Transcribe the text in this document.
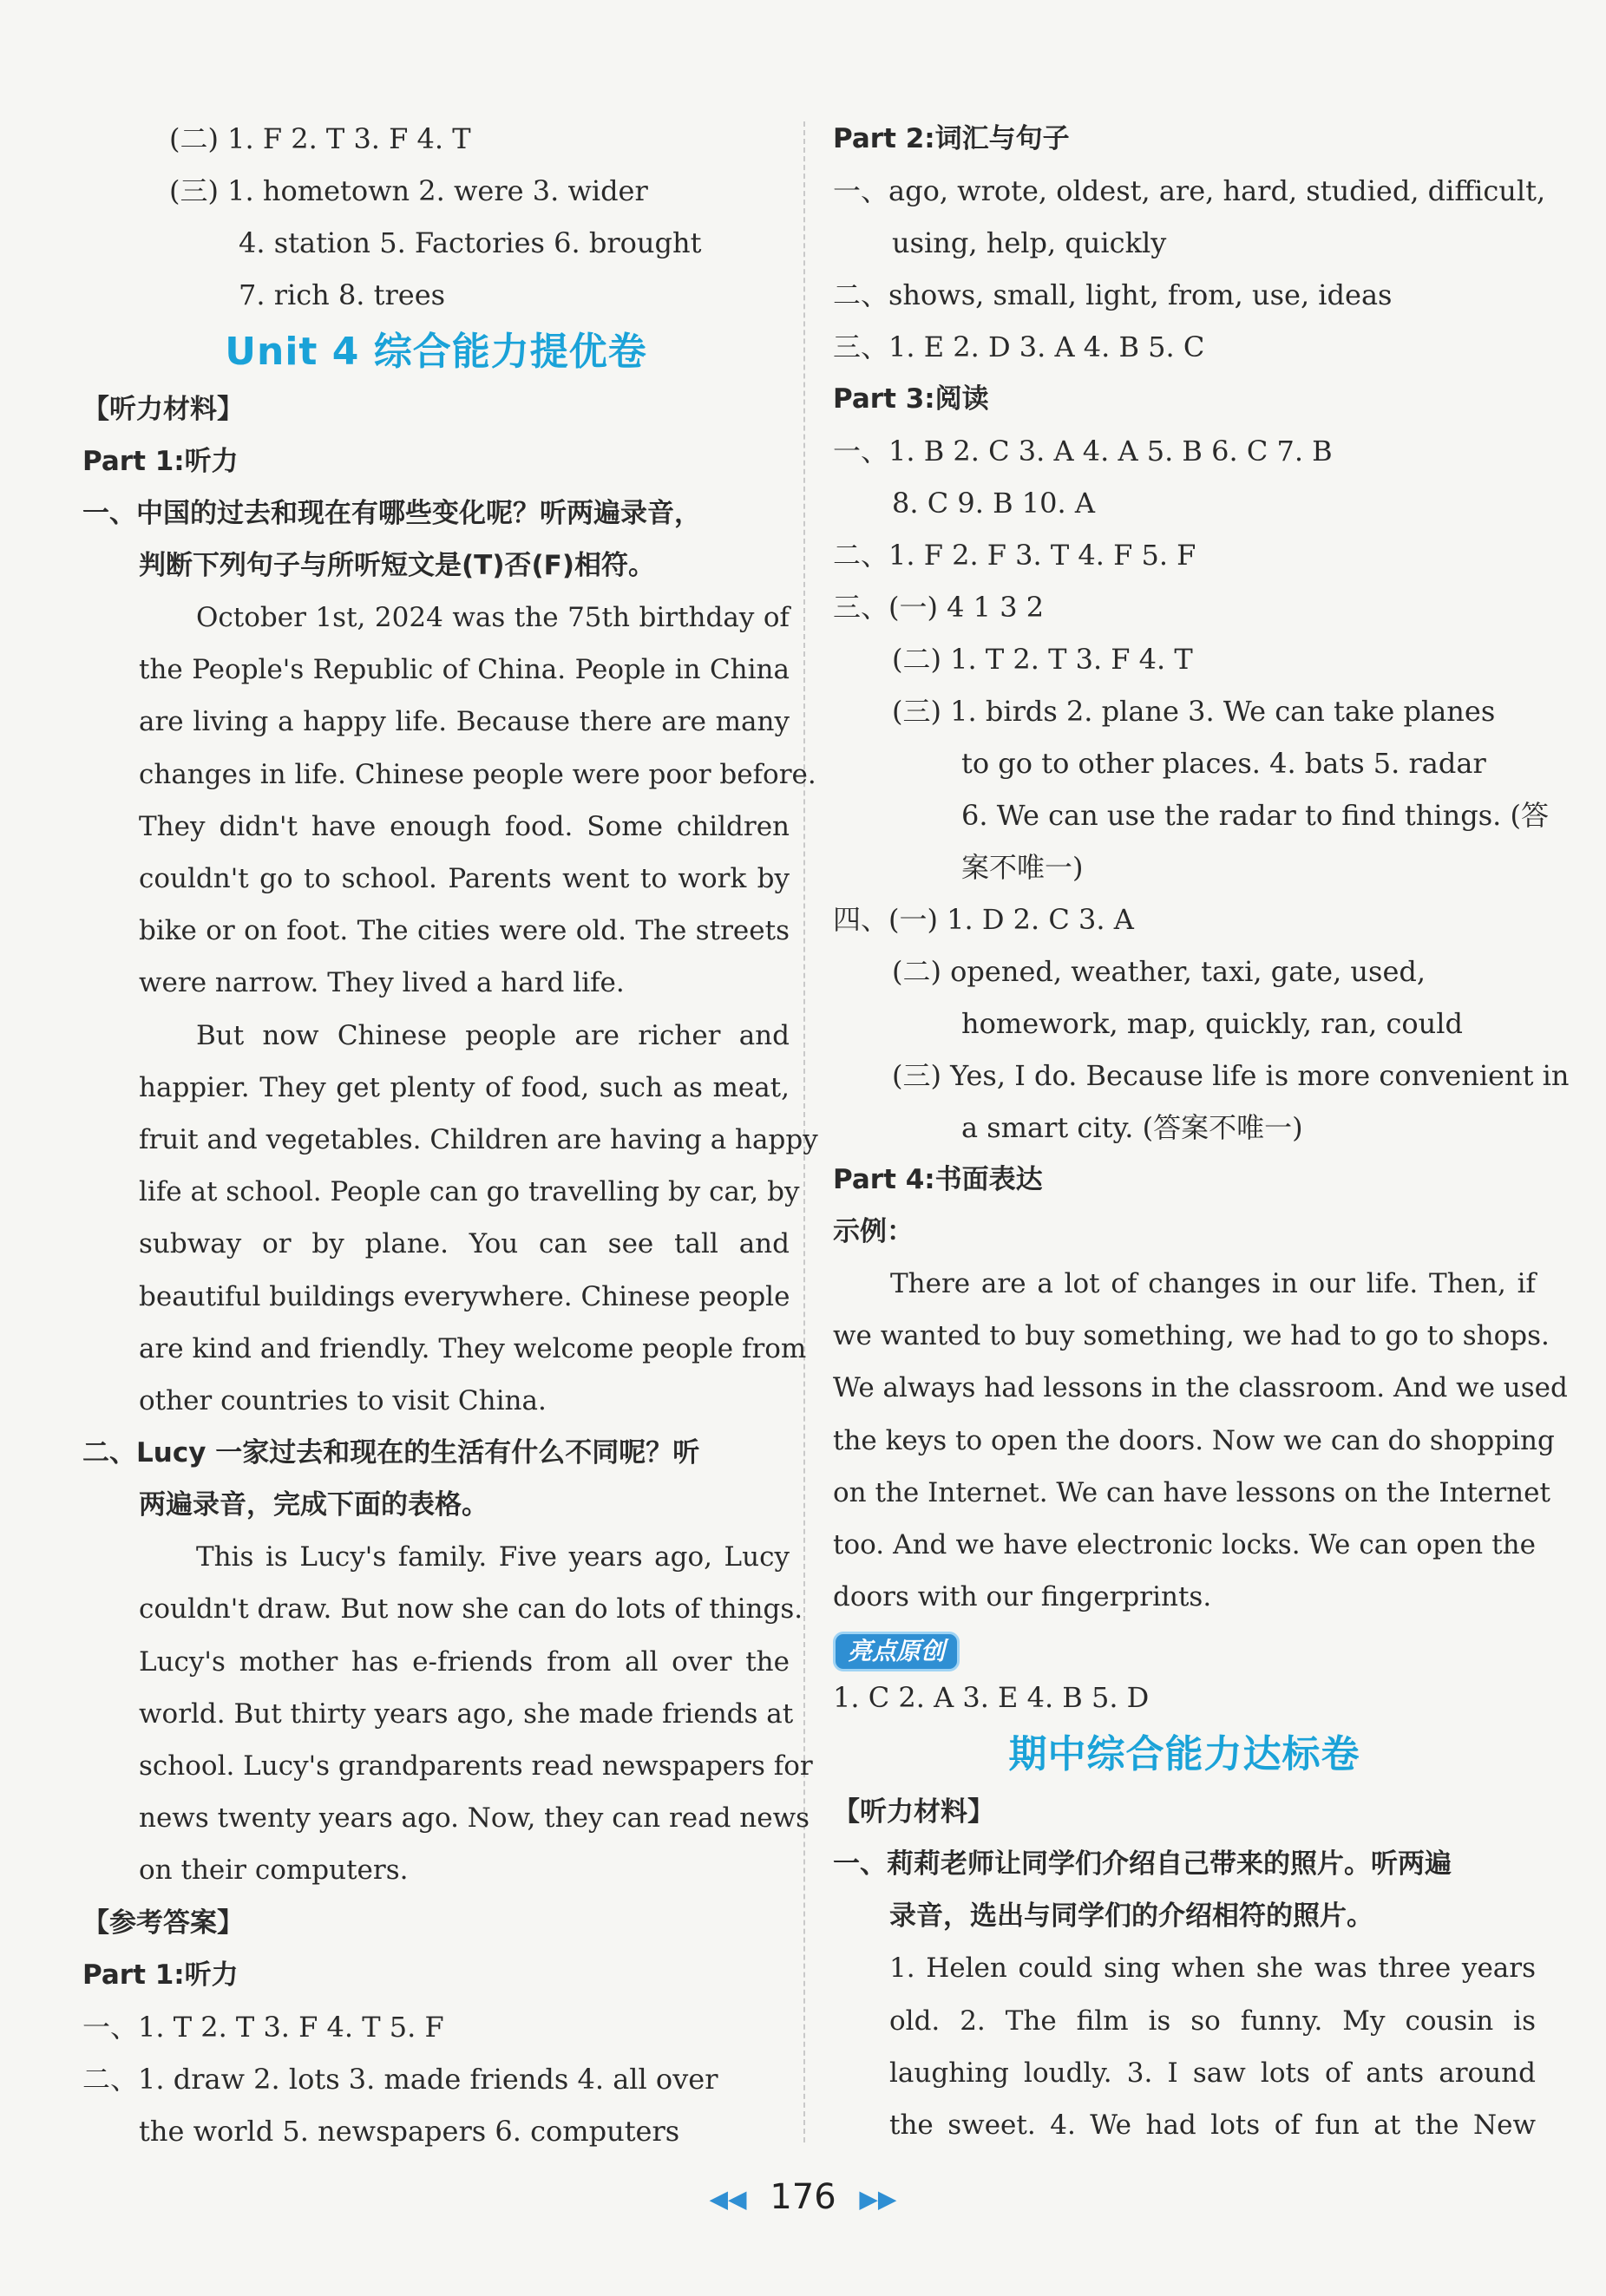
(二) 1. F 2. T 3. F 4. T
(三) 1. hometown 2. were 3. wider
4. station 5. Factories 6. brought
7. rich 8. trees
Unit 4 综合能力提优卷
【听力材料】
Part 1:听力
一、中国的过去和现在有哪些变化呢？听两遍录音，
判断下列句子与所听短文是(T)否(F)相符。
October 1st, 2024 was the 75th birthday of
the People's Republic of China. People in China
are living a happy life. Because there are many
changes in life. Chinese people were poor before.
They didn't have enough food. Some children
couldn't go to school. Parents went to work by
bike or on foot. The cities were old. The streets
were narrow. They lived a hard life.
But now Chinese people are richer and
happier. They get plenty of food, such as meat,
fruit and vegetables. Children are having a happy
life at school. People can go travelling by car, by
subway or by plane. You can see tall and
beautiful buildings everywhere. Chinese people
are kind and friendly. They welcome people from
other countries to visit China.
二、Lucy 一家过去和现在的生活有什么不同呢？听
两遍录音，完成下面的表格。
This is Lucy's family. Five years ago, Lucy
couldn't draw. But now she can do lots of things.
Lucy's mother has e-friends from all over the
world. But thirty years ago, she made friends at
school. Lucy's grandparents read newspapers for
news twenty years ago. Now, they can read news
on their computers.
【参考答案】
Part 1:听力
一、1. T 2. T 3. F 4. T 5. F
二、1. draw 2. lots 3. made friends 4. all over
the world 5. newspapers 6. computers
Part 2:词汇与句子
一、ago, wrote, oldest, are, hard, studied, difficult,
using, help, quickly
二、shows, small, light, from, use, ideas
三、1. E 2. D 3. A 4. B 5. C
Part 3:阅读
一、1. B 2. C 3. A 4. A 5. B 6. C 7. B
8. C 9. B 10. A
二、1. F 2. F 3. T 4. F 5. F
三、(一) 4 1 3 2
(二) 1. T 2. T 3. F 4. T
(三) 1. birds 2. plane 3. We can take planes
to go to other places. 4. bats 5. radar
6. We can use the radar to find things. (答
案不唯一)
四、(一) 1. D 2. C 3. A
(二) opened, weather, taxi, gate, used,
homework, map, quickly, ran, could
(三) Yes, I do. Because life is more convenient in
a smart city. (答案不唯一)
Part 4:书面表达
示例：
There are a lot of changes in our life. Then, if
we wanted to buy something, we had to go to shops.
We always had lessons in the classroom. And we used
the keys to open the doors. Now we can do shopping
on the Internet. We can have lessons on the Internet
too. And we have electronic locks. We can open the
doors with our fingerprints.
亮点原创
1. C 2. A 3. E 4. B 5. D
期中综合能力达标卷
【听力材料】
一、莉莉老师让同学们介绍自己带来的照片。听两遍
录音，选出与同学们的介绍相符的照片。
1. Helen could sing when she was three years
old. 2. The film is so funny. My cousin is
laughing loudly. 3. I saw lots of ants around
the sweet. 4. We had lots of fun at the New
◀◀ 176 ▶▶
